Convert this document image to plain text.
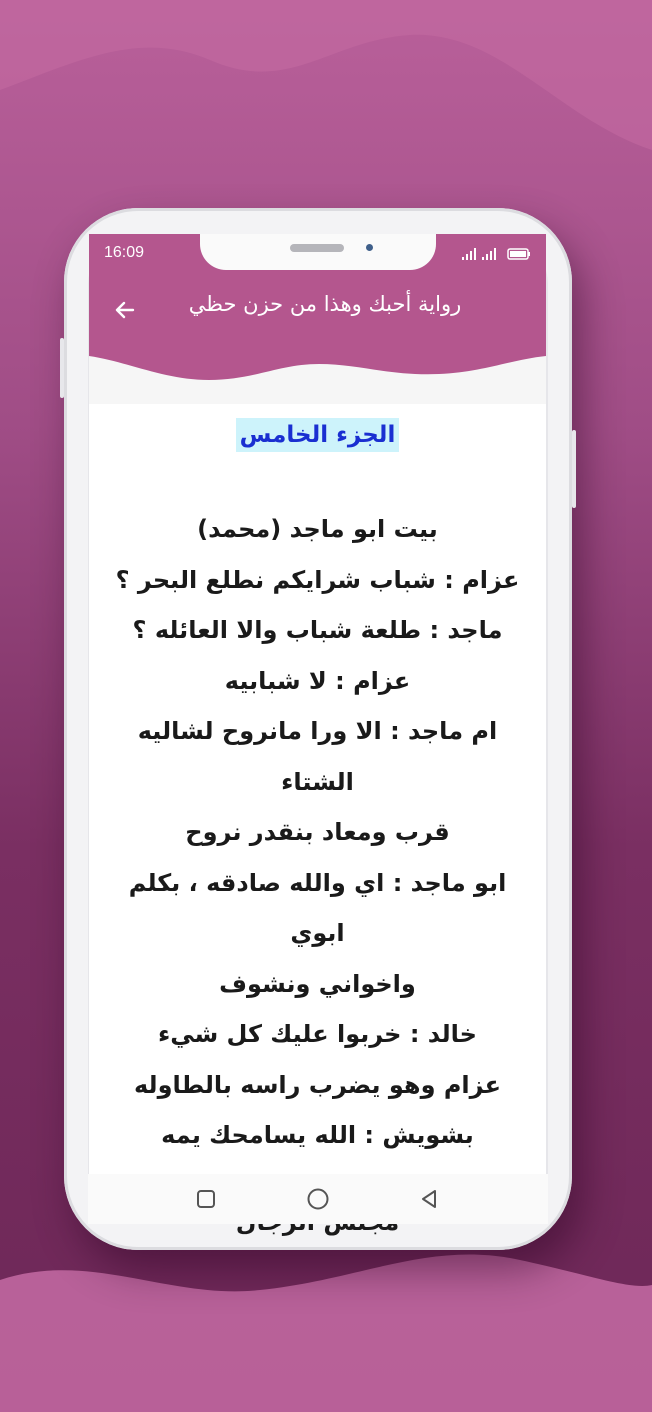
16:09
رواية أحبك وهذا من حزن حظي
الجزء الخامس
بيت ابو ماجد (محمد)
عزام : شباب شرايكم نطلع البحر ؟
ماجد : طلعة شباب والا العائله ؟
عزام : لا شبابيه
ام ماجد : الا ورا مانروح لشاليه الشتاء
قرب ومعاد بنقدر نروح
ابو ماجد : اي والله صادقه ، بكلم ابوي
واخواني ونشوف
خالد : خربوا عليك كل شيء
عزام وهو يضرب راسه بالطاوله
بشويش : الله يسامحك يمه
